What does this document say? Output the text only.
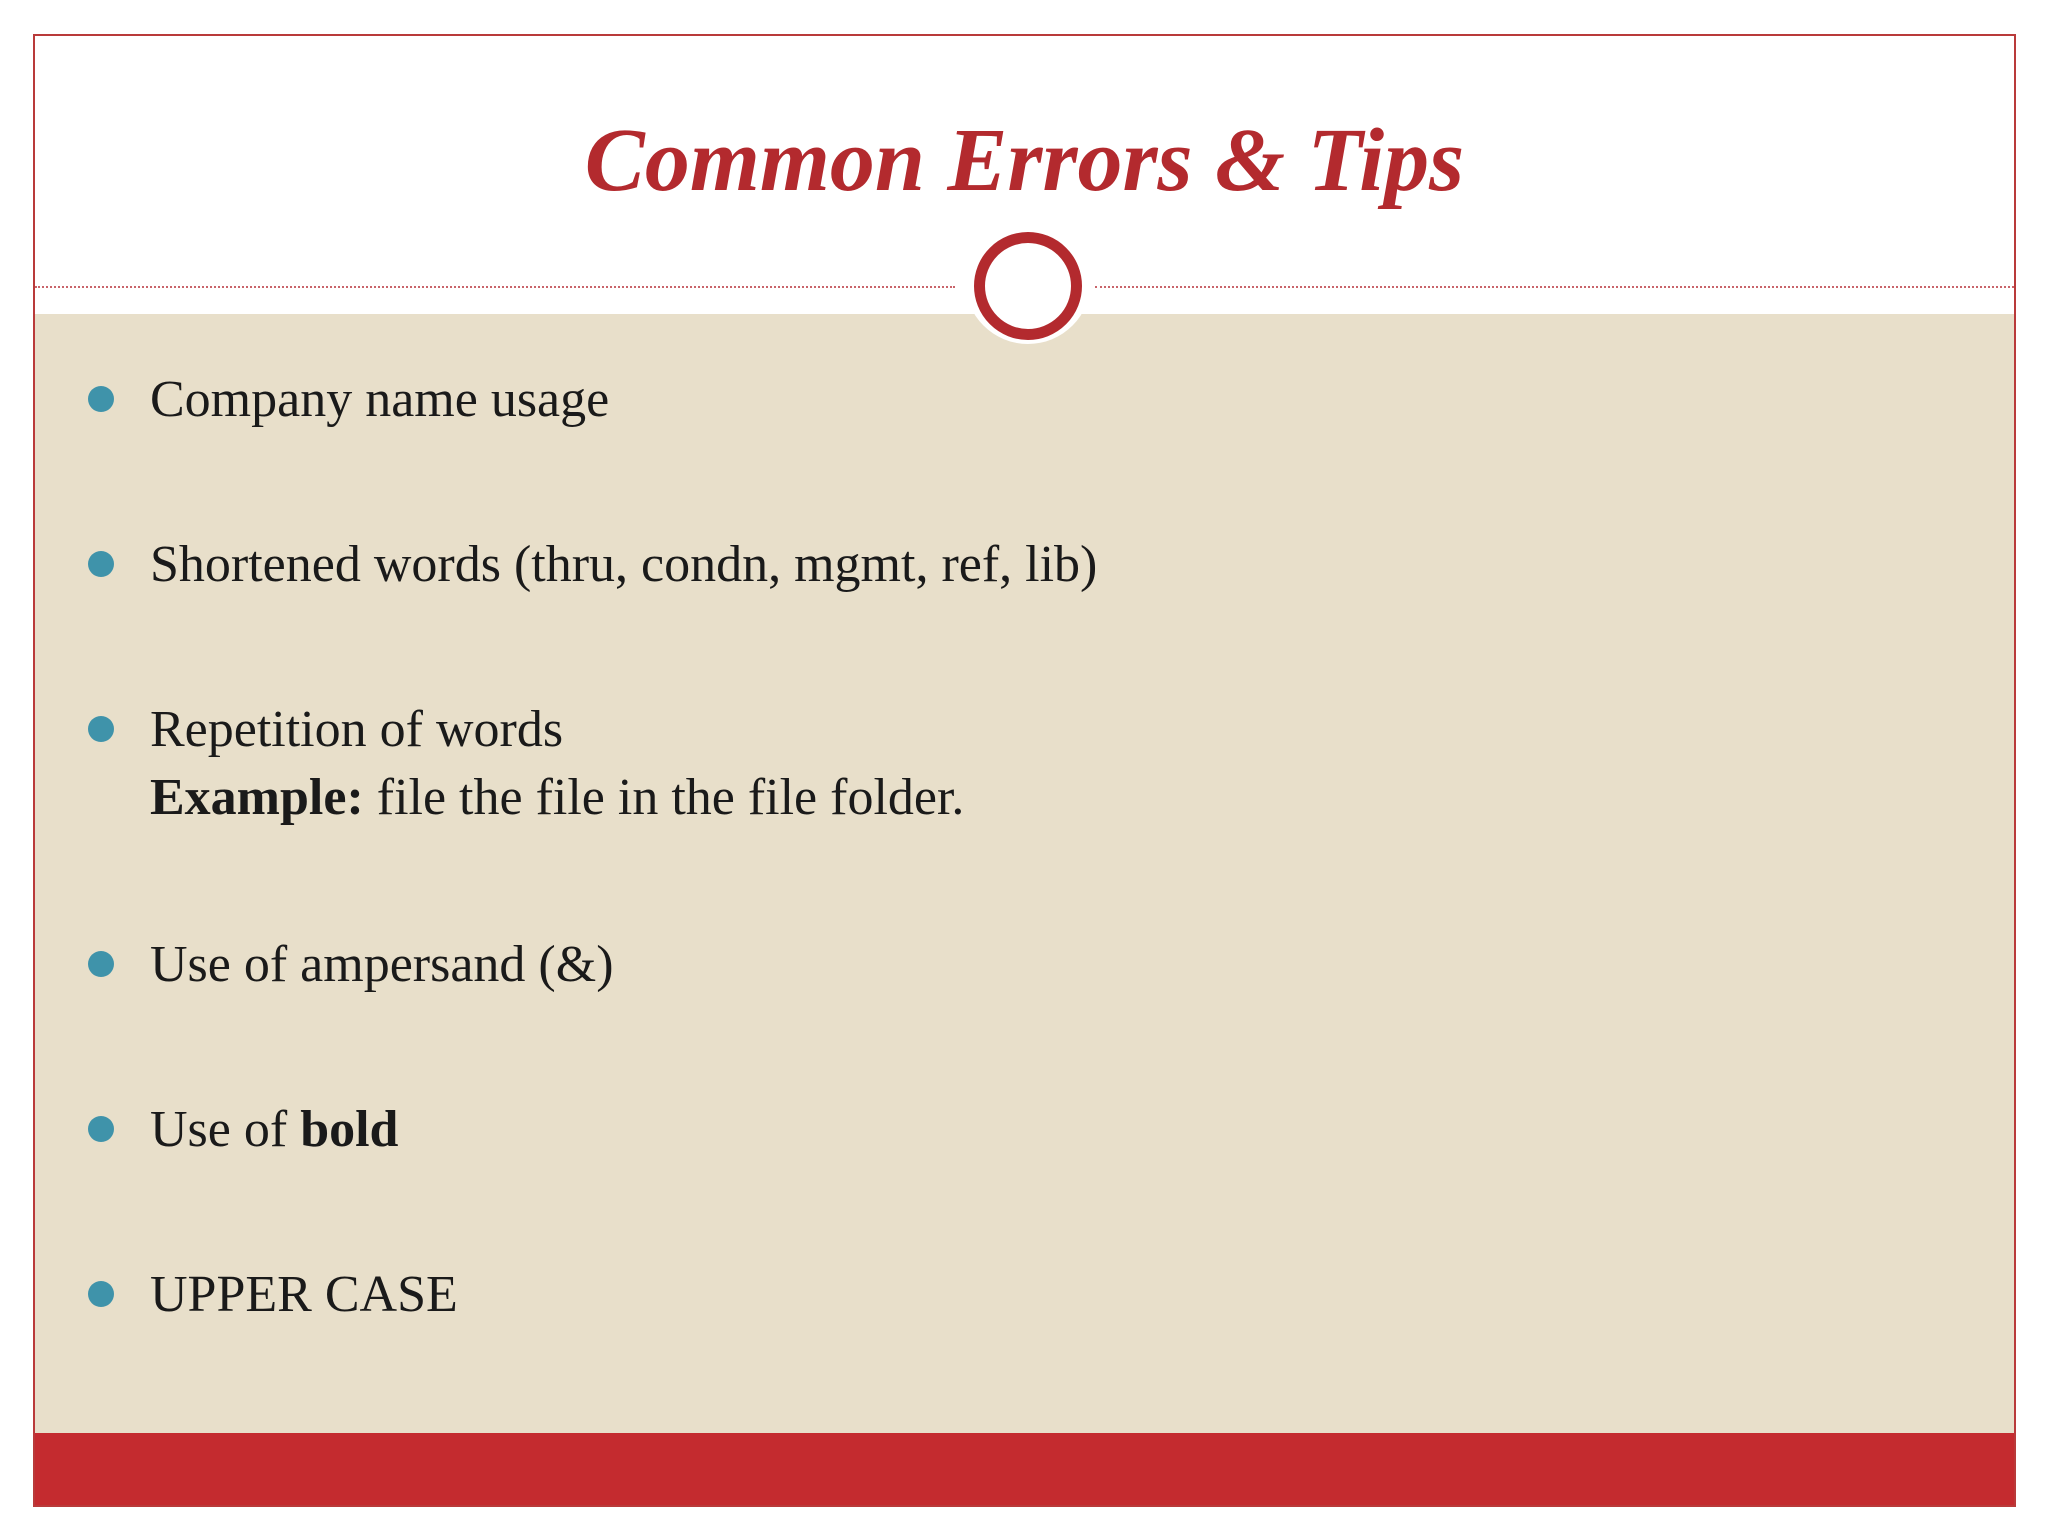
Common Errors & Tips
Company name usage
Shortened words (thru, condn, mgmt, ref, lib)
Repetition of words
Example: file the file in the file folder.
Use of ampersand (&)
Use of bold
UPPER CASE
